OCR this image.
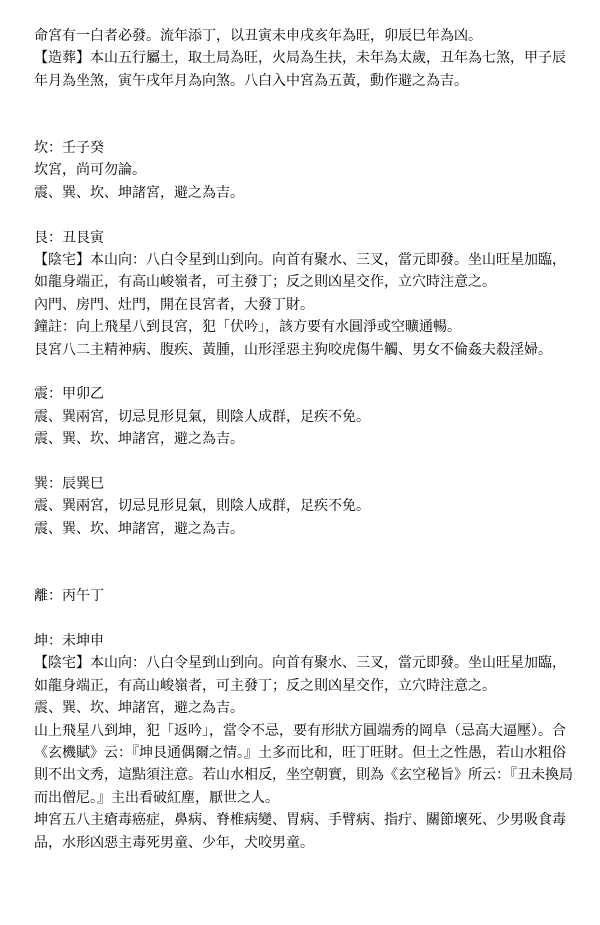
命宮有一白者必發。流年添丁，以丑寅未申戌亥年為旺，卯辰巳年為凶。

【造葬】本山五行屬土，取土局為旺，火局為生扶，未年為太歲，丑年為七煞，甲子辰年月為坐煞，寅午戌年月為向煞。八白入中宮為五黃，動作避之為吉。

坎：壬子癸

坎宮，尚可勿論。

震、巽、坎、坤諸宮，避之為吉。

艮：丑艮寅

【陰宅】本山向：八白令星到山到向。向首有聚水、三叉，當元即發。坐山旺星加臨，如龍身端正，有高山峻嶺者，可主發丁；反之則凶星交作，立穴時注意之。

內門、房門、灶門，開在艮宮者，大發丁財。

鐘註：向上飛星八到艮宮，犯「伏吟」，該方要有水圓淨或空曠通暢。

艮宮八二主精神病、腹疾、黃腫，山形淫惡主狗咬虎傷牛觸、男女不倫姦夫殺淫婦。

震：甲卯乙

震、巽兩宮，切忌見形見氣，則陰人成群，足疾不免。

震、巽、坎、坤諸宮，避之為吉。

巽：辰巽巳

震、巽兩宮，切忌見形見氣，則陰人成群，足疾不免。

震、巽、坎、坤諸宮，避之為吉。

離：丙午丁

坤：未坤申

【陰宅】本山向：八白令星到山到向。向首有聚水、三叉，當元即發。坐山旺星加臨，如龍身端正，有高山峻嶺者，可主發丁；反之則凶星交作，立穴時注意之。

震、巽、坎、坤諸宮，避之為吉。

山上飛星八到坤，犯「返吟」，當令不忌，要有形狀方圓端秀的岡阜（忌高大逼壓）。合《玄機賦》云：『坤艮通偶爾之情。』土多而比和，旺丁旺財。但土之性愚，若山水粗俗則不出文秀，這點須注意。若山水相反，坐空朝實，則為《玄空秘旨》所云：『丑未換局而出僧尼。』主出看破紅塵，厭世之人。

坤宮五八主瘡毒癌症，鼻病、脊椎病變、胃病、手臂病、指疔、關節壞死、少男吸食毒品，水形凶惡主毒死男童、少年，犬咬男童。
